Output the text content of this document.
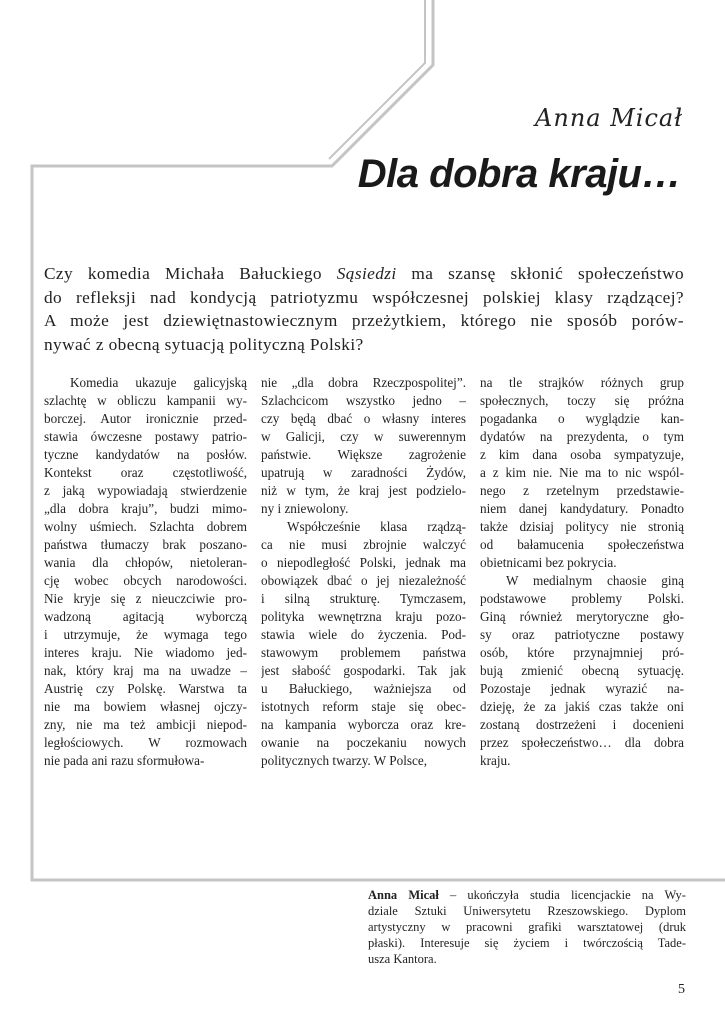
Anna Micał
Dla dobra kraju…
Czy komedia Michała Bałuckiego Sąsiedzi ma szansę skłonić społeczeństwo
do refleksji nad kondycją patriotyzmu współczesnej polskiej klasy rządzącej?
A może jest dziewiętnastowiecznym przeżytkiem, którego nie sposób porów-
nywać z obecną sytuacją polityczną Polski?
Komedia ukazuje galicyjską
szlachtę w obliczu kampanii wy-
borczej. Autor ironicznie przed-
stawia ówczesne postawy patrio-
tyczne kandydatów na posłów.
Kontekst oraz częstotliwość,
z jaką wypowiadają stwierdzenie
„dla dobra kraju”, budzi mimo-
wolny uśmiech. Szlachta dobrem
państwa tłumaczy brak poszano-
wania dla chłopów, nietoleran-
cję wobec obcych narodowości.
Nie kryje się z nieuczciwie pro-
wadzoną agitacją wyborczą
i utrzymuje, że wymaga tego
interes kraju. Nie wiadomo jed-
nak, który kraj ma na uwadze –
Austrię czy Polskę. Warstwa ta
nie ma bowiem własnej ojczy-
zny, nie ma też ambicji niepod-
ległościowych. W rozmowach
nie pada ani razu sformułowa-
nie „dla dobra Rzeczpospolitej”.
Szlachcicom wszystko jedno –
czy będą dbać o własny interes
w Galicji, czy w suwerennym
państwie. Większe zagrożenie
upatrują w zaradności Żydów,
niż w tym, że kraj jest podzielo-
ny i zniewolony.
Współcześnie klasa rządzą-
ca nie musi zbrojnie walczyć
o niepodległość Polski, jednak ma
obowiązek dbać o jej niezależność
i silną strukturę. Tymczasem,
polityka wewnętrzna kraju pozo-
stawia wiele do życzenia. Pod-
stawowym problemem państwa
jest słabość gospodarki. Tak jak
u Bałuckiego, ważniejsza od
istotnych reform staje się obec-
na kampania wyborcza oraz kre-
owanie na poczekaniu nowych
politycznych twarzy. W Polsce,
na tle strajków różnych grup
społecznych, toczy się próżna
pogadanka o wyglądzie kan-
dydatów na prezydenta, o tym
z kim dana osoba sympatyzuje,
a z kim nie. Nie ma to nic wspól-
nego z rzetelnym przedstawie-
niem danej kandydatury. Ponadto
także dzisiaj politycy nie stronią
od bałamucenia społeczeństwa
obietnicami bez pokrycia.
W medialnym chaosie giną
podstawowe problemy Polski.
Giną również merytoryczne gło-
sy oraz patriotyczne postawy
osób, które przynajmniej pró-
bują zmienić obecną sytuację.
Pozostaje jednak wyrazić na-
dzieję, że za jakiś czas także oni
zostaną dostrzeżeni i docenieni
przez społeczeństwo… dla dobra
kraju.
Anna Micał – ukończyła studia licencjackie na Wy-
dziale Sztuki Uniwersytetu Rzeszowskiego. Dyplom
artystyczny w pracowni grafiki warsztatowej (druk
płaski). Interesuje się życiem i twórczością Tade-
usza Kantora.
5
